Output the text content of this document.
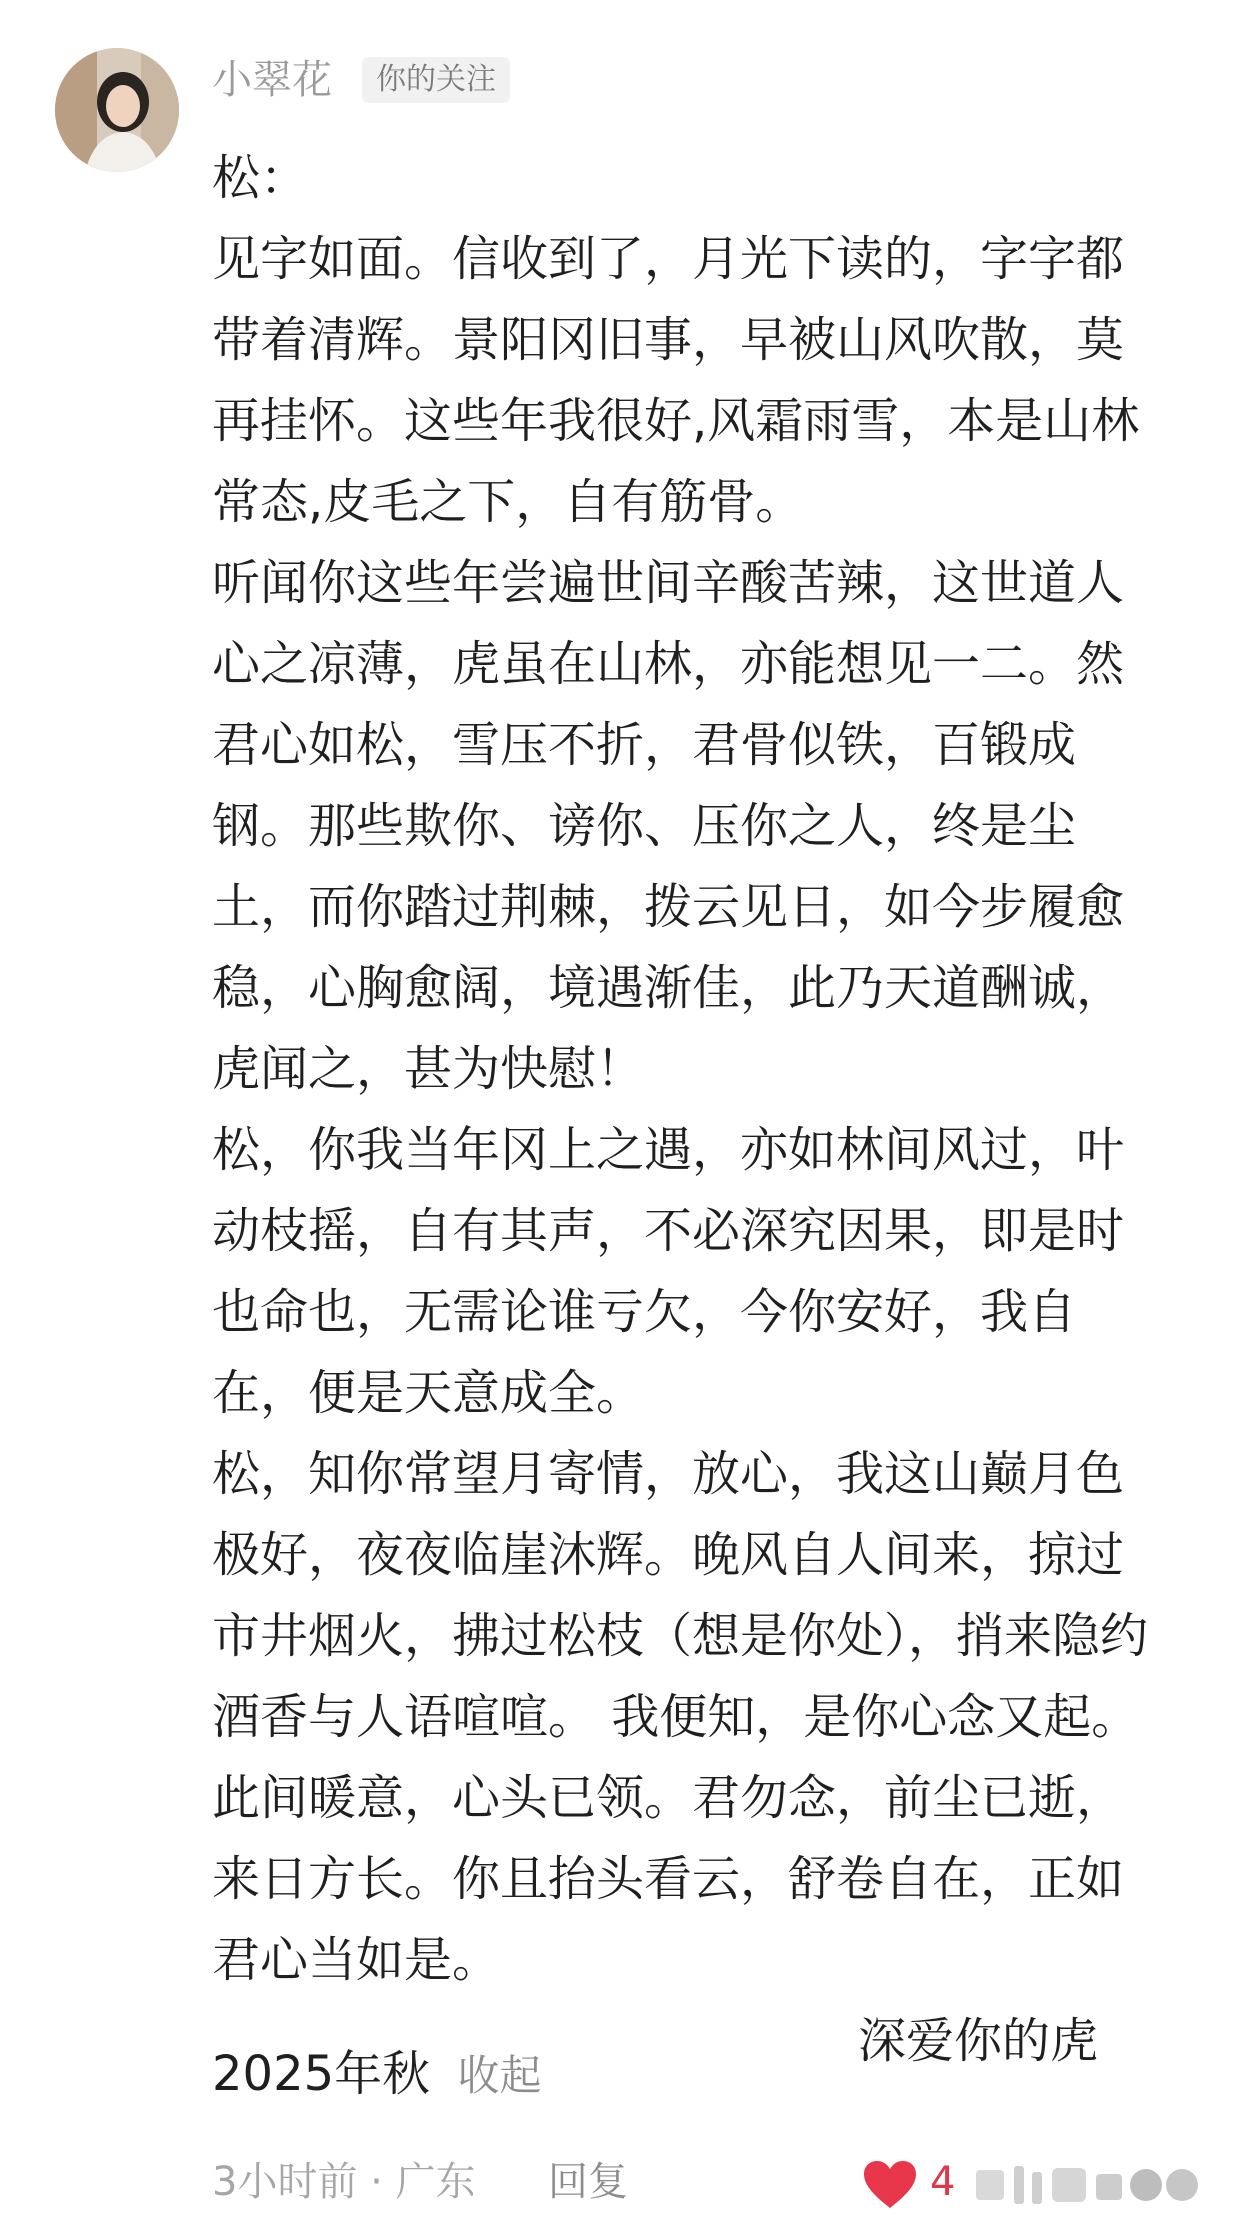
小翠花	你的关注

松：

见字如面。信收到了，月光下读的，字字都带着清辉。景阳冈旧事，早被山风吹散，莫再挂怀。这些年我很好,风霜雨雪，本是山林常态,皮毛之下，自有筋骨。

听闻你这些年尝遍世间辛酸苦辣，这世道人心之凉薄，虎虽在山林，亦能想见一二。然君心如松，雪压不折，君骨似铁，百锻成钢。那些欺你、谤你、压你之人，终是尘土，而你踏过荆棘，拨云见日，如今步履愈稳，心胸愈阔，境遇渐佳，此乃天道酬诚，虎闻之，甚为快慰！

松，你我当年冈上之遇，亦如林间风过，叶动枝摇，自有其声，不必深究因果，即是时也命也，无需论谁亏欠，今你安好，我自在，便是天意成全。

松，知你常望月寄情，放心，我这山巅月色极好，夜夜临崖沐辉。晚风自人间来，掠过市井烟火，拂过松枝（想是你处），捎来隐约酒香与人语喧喧。 我便知，是你心念又起。此间暖意，心头已领。君勿念，前尘已逝，来日方长。你且抬头看云，舒卷自在，正如君心当如是。

深爱你的虎

2025年秋 收起
3小时前 · 广东 回复	4
